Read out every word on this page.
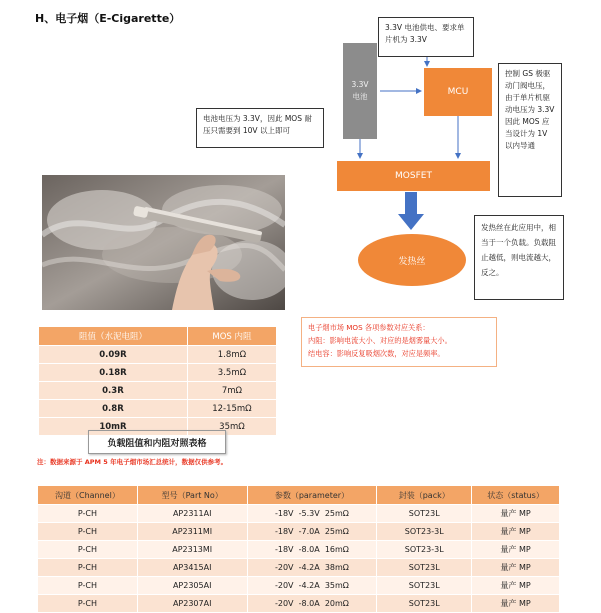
H、电子烟（E-Cigarette）
3.3V 电池供电、要求单片机为 3.3V
控制 GS 极驱动门阀电压，由于单片机驱动电压为 3.3V 因此 MOS 应当设计为 1V 以内导通
电池电压为 3.3V，因此 MOS 耐压只需要到 10V 以上即可
发热丝在此应用中，相当于一个负载。负载阻止越低，则电流越大，反之。
3.3V
电池	MCU
MOSFET
发热丝
阻值（水泥电阻）	MOS 内阻
0.09R	1.8mΩ
0.18R	3.5mΩ
0.3R	7mΩ
0.8R	12-15mΩ
10mR	35mΩ
负载阻值和内阻对照表格
注：数据来源于 APM 5 年电子烟市场汇总统计，数据仅供参考。
电子烟市场 MOS 各项参数对应关系：
内阻：影响电流大小、对应的是烟雾量大小。
结电容：影响反复吸烟次数，对应是频率。
沟道（Channel）	型号（Part No）	参数（parameter）	封装（pack）	状态（status）
P-CH	AP2311AI	-18V -5.3V 25mΩ	SOT23L	量产 MP
P-CH	AP2311MI	-18V -7.0A 25mΩ	SOT23-3L	量产 MP
P-CH	AP2313MI	-18V -8.0A 16mΩ	SOT23-3L	量产 MP
P-CH	AP3415AI	-20V -4.2A 38mΩ	SOT23L	量产 MP
P-CH	AP2305AI	-20V -4.2A 35mΩ	SOT23L	量产 MP
P-CH	AP2307AI	-20V -8.0A 20mΩ	SOT23L	量产 MP
